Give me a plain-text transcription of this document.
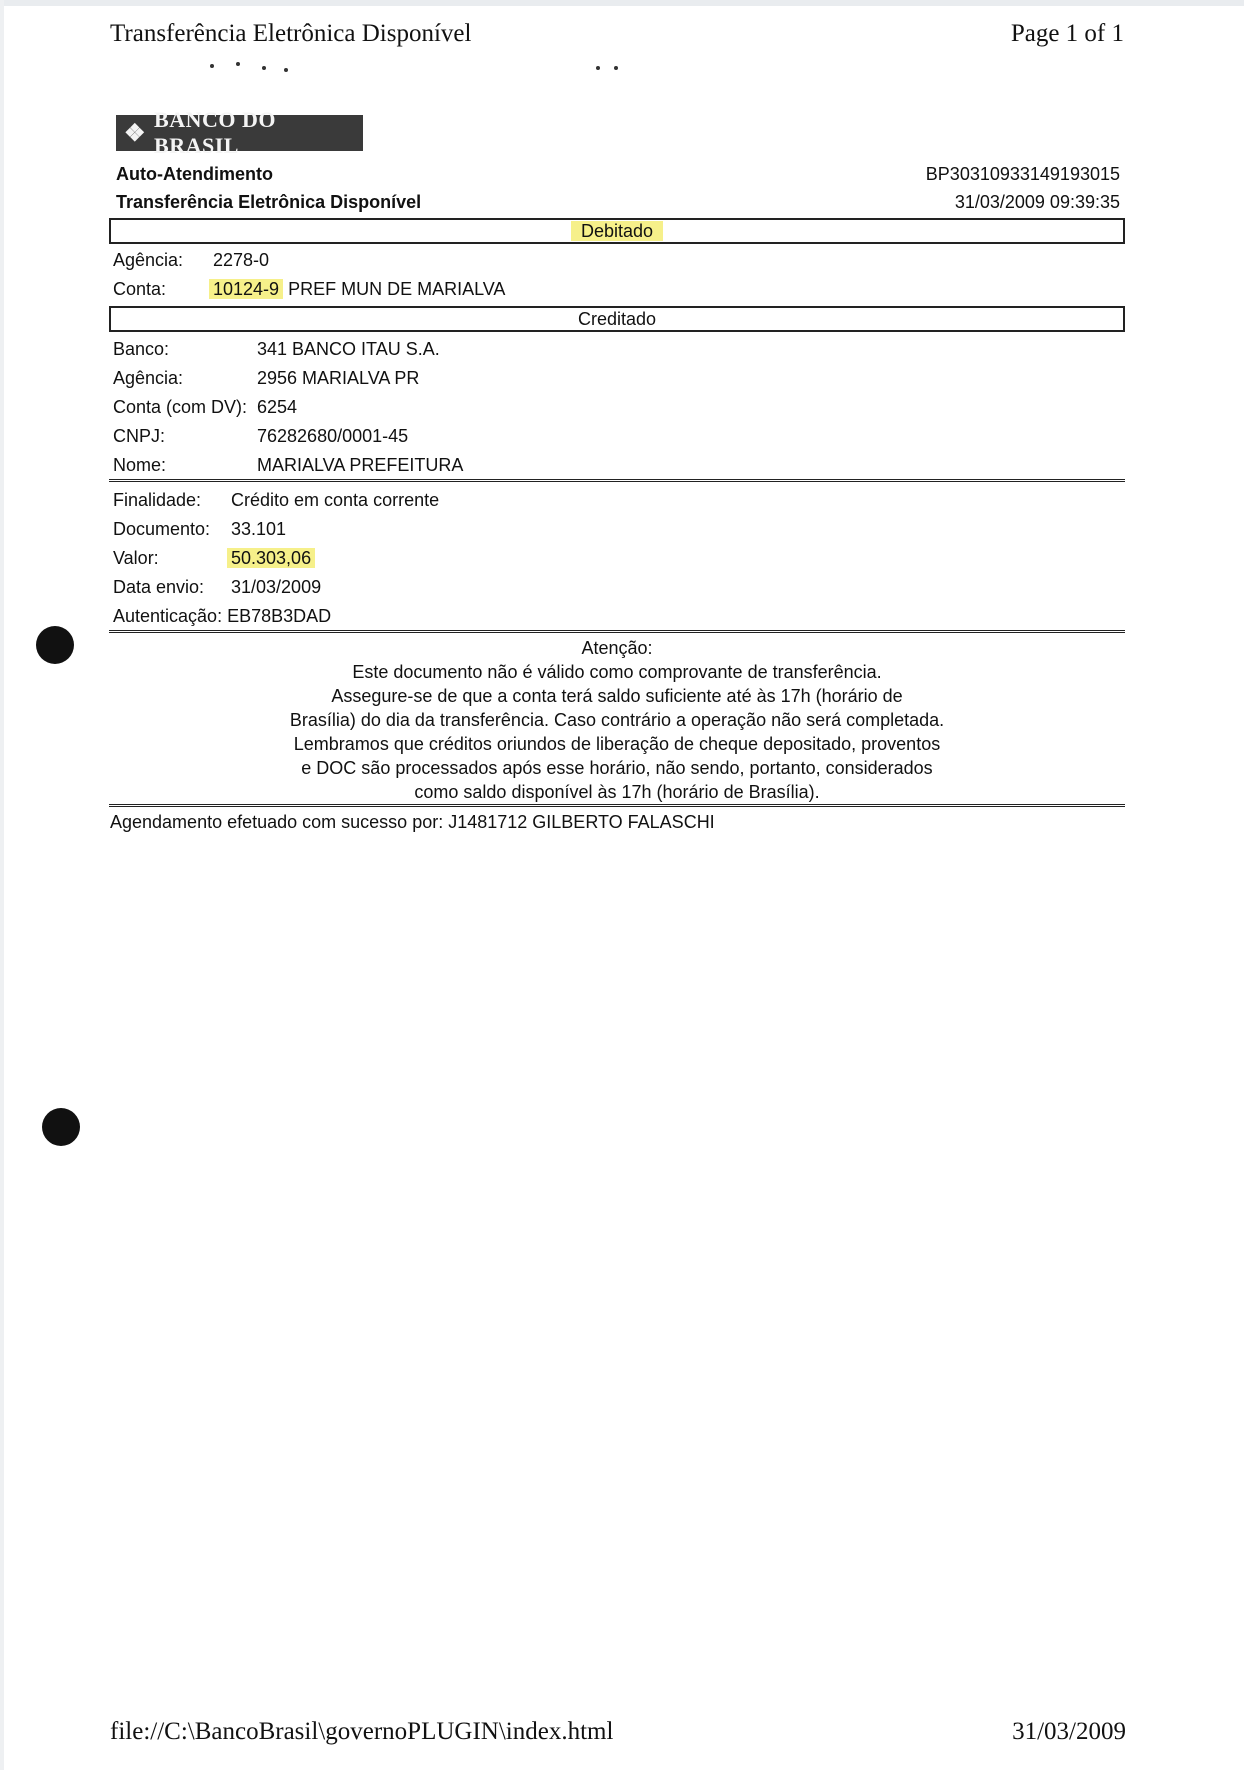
Transferência Eletrônica Disponível	Page 1 of 1
❖ BANCO DO BRASIL
Auto-Atendimento
Transferência Eletrônica Disponível
BP30310933149193015
31/03/2009 09:39:35
Debitado
Agência: 2278-0
Conta:	10124-9 PREF MUN DE MARIALVA
Creditado
Banco:	341 BANCO ITAU S.A.
Agência:	2956 MARIALVA PR
Conta (com DV): 6254
CNPJ:	76282680/0001-45
Nome:	MARIALVA PREFEITURA
Finalidade: Crédito em conta corrente
Documento: 33.101
Valor:	50.303,06
Data envio: 31/03/2009
Autenticação: EB78B3DAD
Atenção:
Este documento não é válido como comprovante de transferência.
Assegure-se de que a conta terá saldo suficiente até às 17h (horário de
Brasília) do dia da transferência. Caso contrário a operação não será completada.
Lembramos que créditos oriundos de liberação de cheque depositado, proventos
e DOC são processados após esse horário, não sendo, portanto, considerados
como saldo disponível às 17h (horário de Brasília).
Agendamento efetuado com sucesso por: J1481712 GILBERTO FALASCHI
file://C:\BancoBrasil\governoPLUGIN\index.html	31/03/2009
